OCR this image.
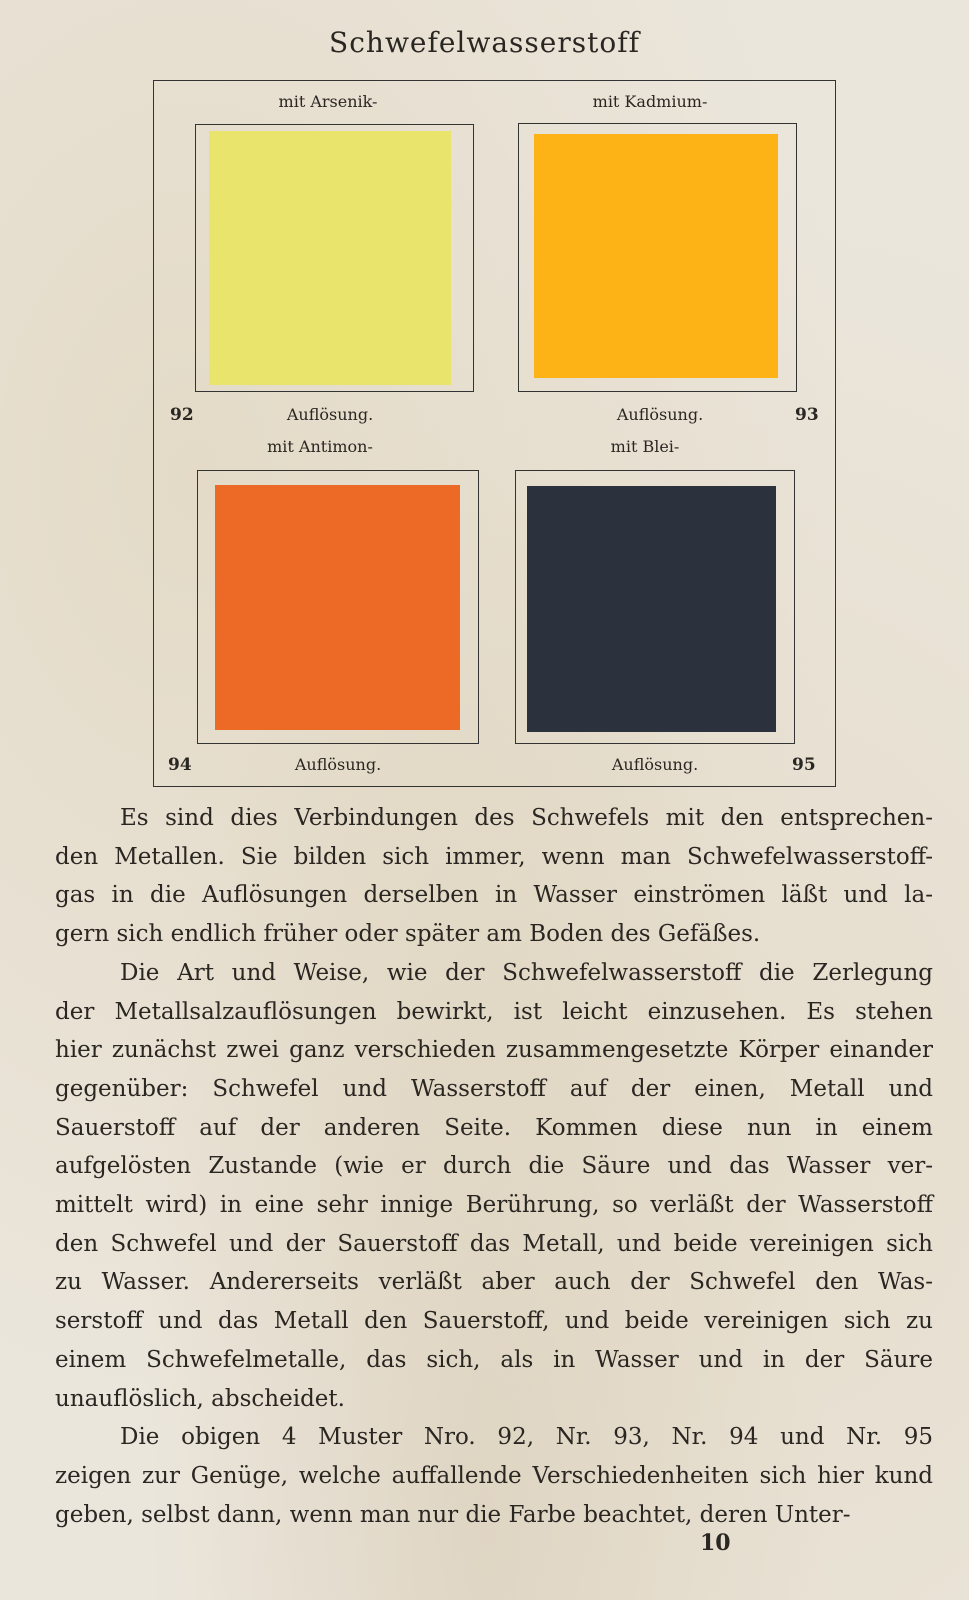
Schwefelwasserstoff
mit Arsenik-
92	Auflösung.
mit Kadmium-
93
Auflösung.
mit Antimon-
94	Auflösung.
mit Blei-
95
Auflösung.
Es sind dies Verbindungen des Schwefels mit den entsprechen-
den Metallen. Sie bilden sich immer, wenn man Schwefelwasserstoff-
gas in die Auflösungen derselben in Wasser einströmen läßt und la-
gern sich endlich früher oder später am Boden des Gefäßes.
Die Art und Weise, wie der Schwefelwasserstoff die Zerlegung
der Metallsalzauflösungen bewirkt, ist leicht einzusehen. Es stehen
hier zunächst zwei ganz verschieden zusammengesetzte Körper einander
gegenüber: Schwefel und Wasserstoff auf der einen, Metall und
Sauerstoff auf der anderen Seite. Kommen diese nun in einem
aufgelösten Zustande (wie er durch die Säure und das Wasser ver-
mittelt wird) in eine sehr innige Berührung, so verläßt der Wasserstoff
den Schwefel und der Sauerstoff das Metall, und beide vereinigen sich
zu Wasser. Andererseits verläßt aber auch der Schwefel den Was-
serstoff und das Metall den Sauerstoff, und beide vereinigen sich zu
einem Schwefelmetalle, das sich, als in Wasser und in der Säure
unauflöslich, abscheidet.
Die obigen 4 Muster Nro. 92, Nr. 93, Nr. 94 und Nr. 95
zeigen zur Genüge, welche auffallende Verschiedenheiten sich hier kund
geben, selbst dann, wenn man nur die Farbe beachtet, deren Unter-
10
